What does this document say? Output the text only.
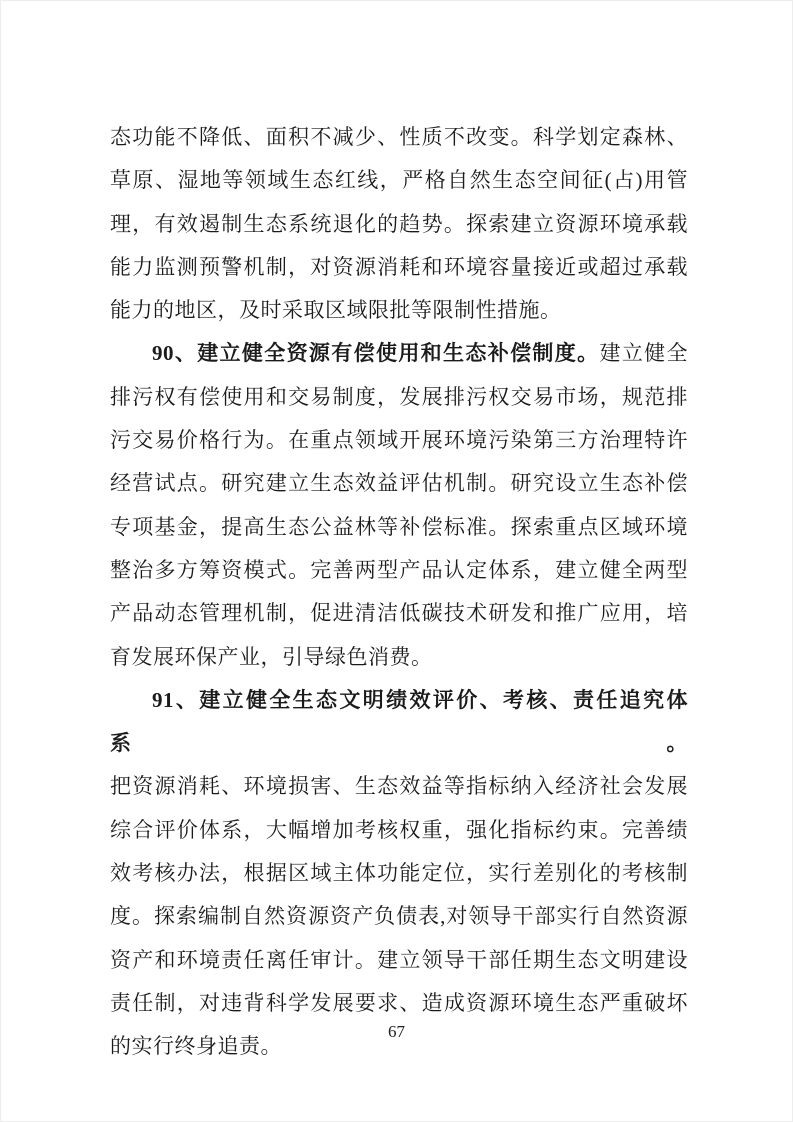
态功能不降低、面积不减少、性质不改变。科学划定森林、草原、湿地等领域生态红线，严格自然生态空间征(占)用管理，有效遏制生态系统退化的趋势。探索建立资源环境承载能力监测预警机制，对资源消耗和环境容量接近或超过承载能力的地区，及时采取区域限批等限制性措施。

90、建立健全资源有偿使用和生态补偿制度。建立健全排污权有偿使用和交易制度，发展排污权交易市场，规范排污交易价格行为。在重点领域开展环境污染第三方治理特许经营试点。研究建立生态效益评估机制。研究设立生态补偿专项基金，提高生态公益林等补偿标准。探索重点区域环境整治多方筹资模式。完善两型产品认定体系，建立健全两型产品动态管理机制，促进清洁低碳技术研发和推广应用，培育发展环保产业，引导绿色消费。

91、建立健全生态文明绩效评价、考核、责任追究体系。
把资源消耗、环境损害、生态效益等指标纳入经济社会发展综合评价体系，大幅增加考核权重，强化指标约束。完善绩效考核办法，根据区域主体功能定位，实行差别化的考核制度。探索编制自然资源资产负债表,对领导干部实行自然资源资产和环境责任离任审计。建立领导干部任期生态文明建设责任制，对违背科学发展要求、造成资源环境生态严重破坏的实行终身追责。

67
